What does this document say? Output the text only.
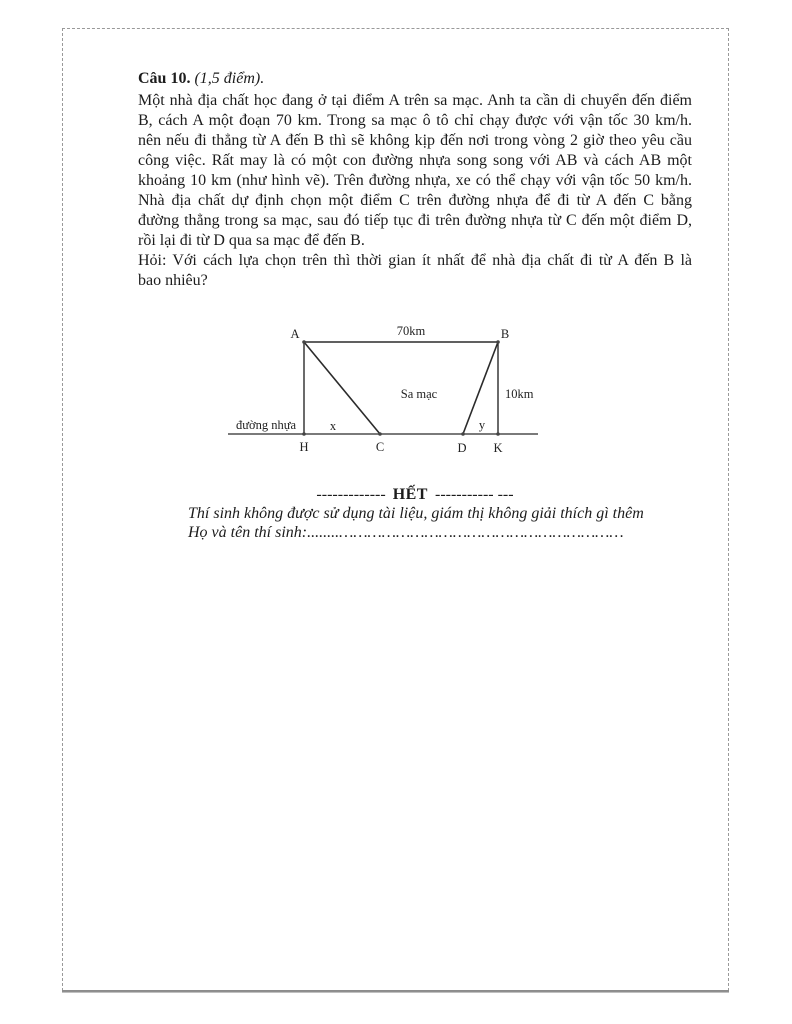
Câu 10. (1,5 điểm).
Một nhà địa chất học đang ở tại điểm A trên sa mạc. Anh ta cần di chuyển đến điểm
B, cách A một đoạn 70 km. Trong sa mạc ô tô chỉ chạy được với vận tốc 30 km/h.
nên nếu đi thẳng từ A đến B thì sẽ không kịp đến nơi trong vòng 2 giờ theo yêu cầu
công việc. Rất may là có một con đường nhựa song song với AB và cách AB một
khoảng 10 km (như hình vẽ). Trên đường nhựa, xe có thể chạy với vận tốc 50 km/h.
Nhà địa chất dự định chọn một điểm C trên đường nhựa để đi từ A đến C bằng
đường thẳng trong sa mạc, sau đó tiếp tục đi trên đường nhựa từ C đến một điểm D,
rồi lại đi từ D qua sa mạc để đến B.
Hỏi: Với cách lựa chọn trên thì thời gian ít nhất để nhà địa chất đi từ A đến B là
bao nhiêu?
A	B
70km
Sa mạc	10km
đường nhựa	x	y
H	C	D K
------------- HẾT ----------- ---
Thí sinh không được sử dụng tài liệu, giám thị không giải thích gì thêm
Họ và tên thí sinh:........……………………………………………………
